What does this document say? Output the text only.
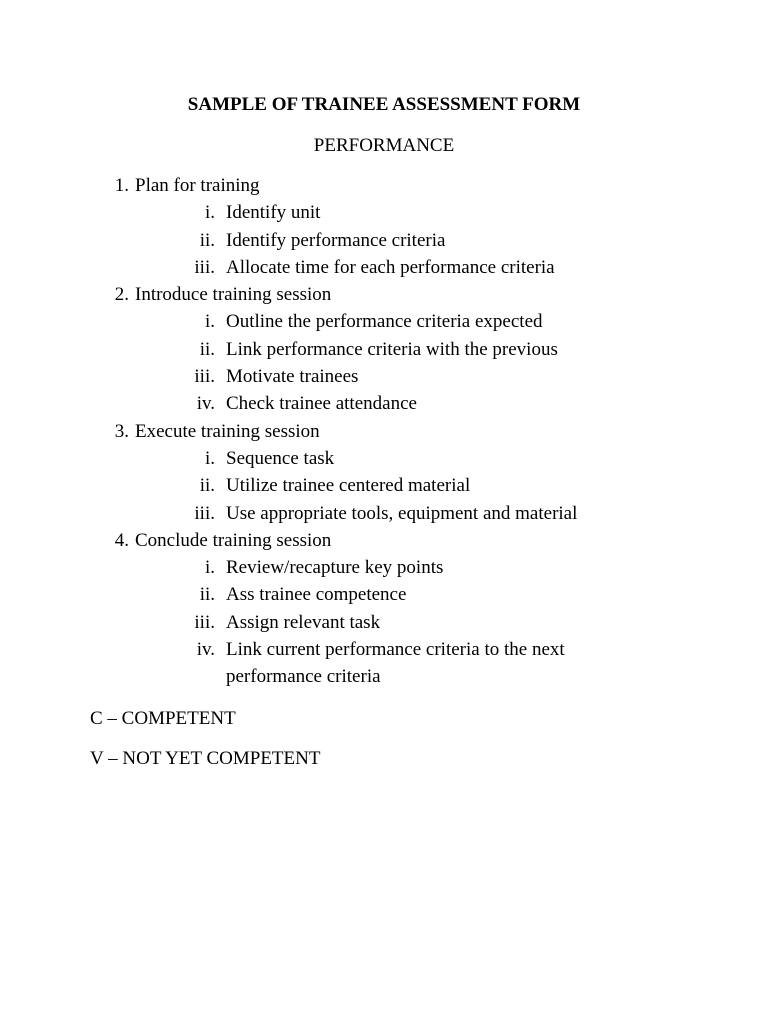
SAMPLE OF TRAINEE ASSESSMENT FORM
PERFORMANCE
1. Plan for training
i. Identify unit
ii. Identify performance criteria
iii. Allocate time for each performance criteria
2. Introduce training session
i. Outline the performance criteria expected
ii. Link performance criteria with the previous
iii. Motivate trainees
iv. Check trainee attendance
3. Execute training session
i. Sequence task
ii. Utilize trainee centered material
iii. Use appropriate tools, equipment and material
4. Conclude training session
i. Review/recapture key points
ii. Ass trainee competence
iii. Assign relevant task
iv. Link current performance criteria to the next
performance criteria
C – COMPETENT
V – NOT YET COMPETENT
